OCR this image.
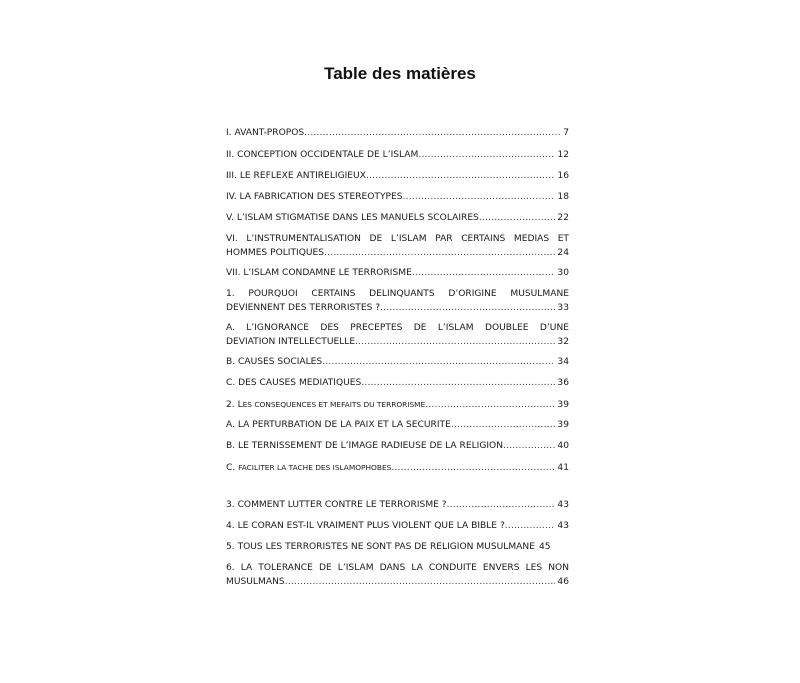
Table des matières
I. AVANT-PROPOS .....	7
II. CONCEPTION OCCIDENTALE DE L’ISLAM .....	12
III. LE REFLEXE ANTIRELIGIEUX .....	16
IV. LA FABRICATION DES STEREOTYPES .....	18
V. L’ISLAM STIGMATISE DANS LES MANUELS SCOLAIRES .....	22
VI. L’INSTRUMENTALISATION DE L’ISLAM PAR CERTAINS MEDIAS ET
HOMMES POLITIQUES .....	24
VII. L’ISLAM CONDAMNE LE TERRORISME .....	30
1. POURQUOI CERTAINS DELINQUANTS D’ORIGINE MUSULMANE
DEVIENNENT DES TERRORISTES ? .....	33
A. L’IGNORANCE DES PRECEPTES DE L’ISLAM DOUBLEE D’UNE
DEVIATION INTELLECTUELLE. .....	32
B. CAUSES SOCIALES .....	34
C. DES CAUSES MEDIATIQUES .....	36
2. LES CONSEQUENCES ET MEFAITS DU TERRORISME .....	39
A. LA PERTURBATION DE LA PAIX ET LA SECURITE .....	39
B. LE TERNISSEMENT DE L’IMAGE RADIEUSE DE LA RELIGION .....	40
C. FACILITER LA TACHE DES ISLAMOPHOBES .....	41
3. COMMENT LUTTER CONTRE LE TERRORISME ? .....	43
4. LE CORAN EST-IL VRAIMENT PLUS VIOLENT QUE LA BIBLE ? .....	43
5. TOUS LES TERRORISTES NE SONT PAS DE RELIGION MUSULMANE 45
6. LA TOLERANCE DE L’ISLAM DANS LA CONDUITE ENVERS LES NON
MUSULMANS .....	46
